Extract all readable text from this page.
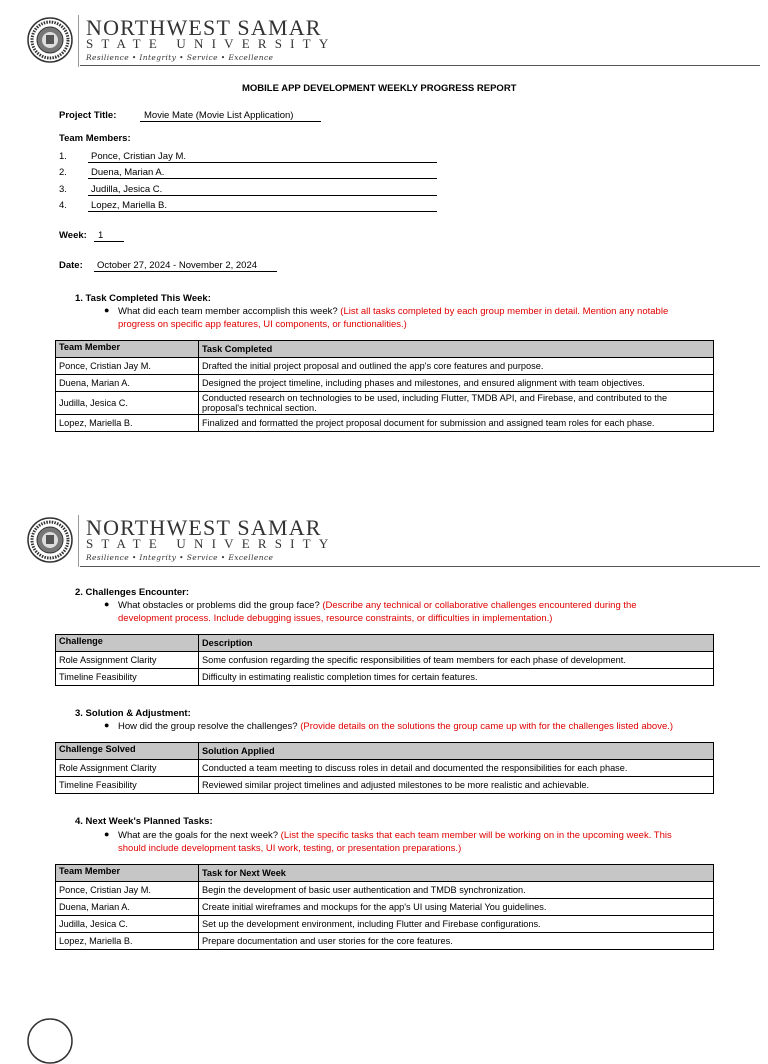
NORTHWEST SAMAR
STATE UNIVERSITY
Resilience • Integrity • Service • Excellence
MOBILE APP DEVELOPMENT WEEKLY PROGRESS REPORT
Project Title:	Movie Mate (Movie List Application)
Team Members:
1.	Ponce, Cristian Jay M.
2.	Duena, Marian A.
3.	Judilla, Jesica C.
4.	Lopez, Mariella B.
Week:	1
Date:	October 27, 2024 - November 2, 2024
1. Task Completed This Week:
● What did each team member accomplish this week? (List all tasks completed by each group member in detail. Mention any notable
progress on specific app features, UI components, or functionalities.)
Team Member	Task Completed
Ponce, Cristian Jay M.	Drafted the initial project proposal and outlined the app's core features and purpose.
Duena, Marian A.	Designed the project timeline, including phases and milestones, and ensured alignment with team objectives.
Judilla, Jesica C.	Conducted research on technologies to be used, including Flutter, TMDB API, and Firebase, and contributed to the proposal's technical section.
Lopez, Mariella B.	Finalized and formatted the project proposal document for submission and assigned team roles for each phase.
NORTHWEST SAMAR
STATE UNIVERSITY
Resilience • Integrity • Service • Excellence
2. Challenges Encounter:
● What obstacles or problems did the group face? (Describe any technical or collaborative challenges encountered during the
development process. Include debugging issues, resource constraints, or difficulties in implementation.)
Challenge	Description
Role Assignment Clarity	Some confusion regarding the specific responsibilities of team members for each phase of development.
Timeline Feasibility	Difficulty in estimating realistic completion times for certain features.
3. Solution & Adjustment:
● How did the group resolve the challenges? (Provide details on the solutions the group came up with for the challenges listed above.)
Challenge Solved	Solution Applied
Role Assignment Clarity	Conducted a team meeting to discuss roles in detail and documented the responsibilities for each phase.
Timeline Feasibility	Reviewed similar project timelines and adjusted milestones to be more realistic and achievable.
4. Next Week's Planned Tasks:
● What are the goals for the next week? (List the specific tasks that each team member will be working on in the upcoming week. This
should include development tasks, UI work, testing, or presentation preparations.)
Team Member	Task for Next Week
Ponce, Cristian Jay M.	Begin the development of basic user authentication and TMDB synchronization.
Duena, Marian A.	Create initial wireframes and mockups for the app's UI using Material You guidelines.
Judilla, Jesica C.	Set up the development environment, including Flutter and Firebase configurations.
Lopez, Mariella B.	Prepare documentation and user stories for the core features.
